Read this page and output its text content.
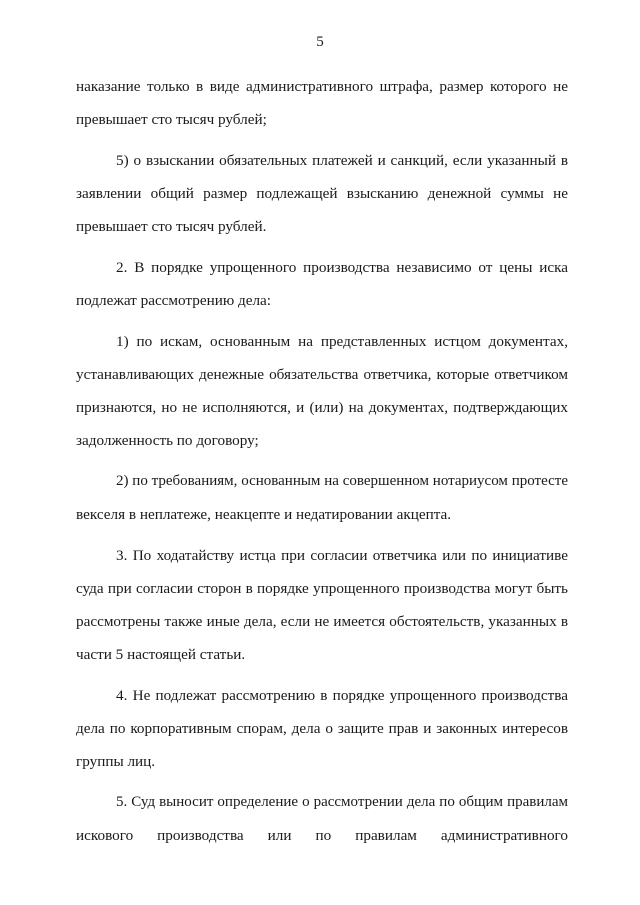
5
наказание только в виде административного штрафа, размер которого не
превышает сто тысяч рублей;
5) о взыскании обязательных платежей и санкций, если указанный в
заявлении общий размер подлежащей взысканию денежной суммы не
превышает сто тысяч рублей.
2. В порядке упрощенного производства независимо от цены иска
подлежат рассмотрению дела:
1) по искам, основанным на представленных истцом документах,
устанавливающих денежные обязательства ответчика, которые ответчиком
признаются, но не исполняются, и (или) на документах, подтверждающих
задолженность по договору;
2) по требованиям, основанным на совершенном нотариусом протесте
векселя в неплатеже, неакцепте и недатировании акцепта.
3. По ходатайству истца при согласии ответчика или по инициативе
суда при согласии сторон в порядке упрощенного производства могут быть
рассмотрены также иные дела, если не имеется обстоятельств, указанных в
части 5 настоящей статьи.
4. Не подлежат рассмотрению в порядке упрощенного производства
дела по корпоративным спорам, дела о защите прав и законных интересов
группы лиц.
5. Суд выносит определение о рассмотрении дела по общим правилам
искового производства или по правилам административного
